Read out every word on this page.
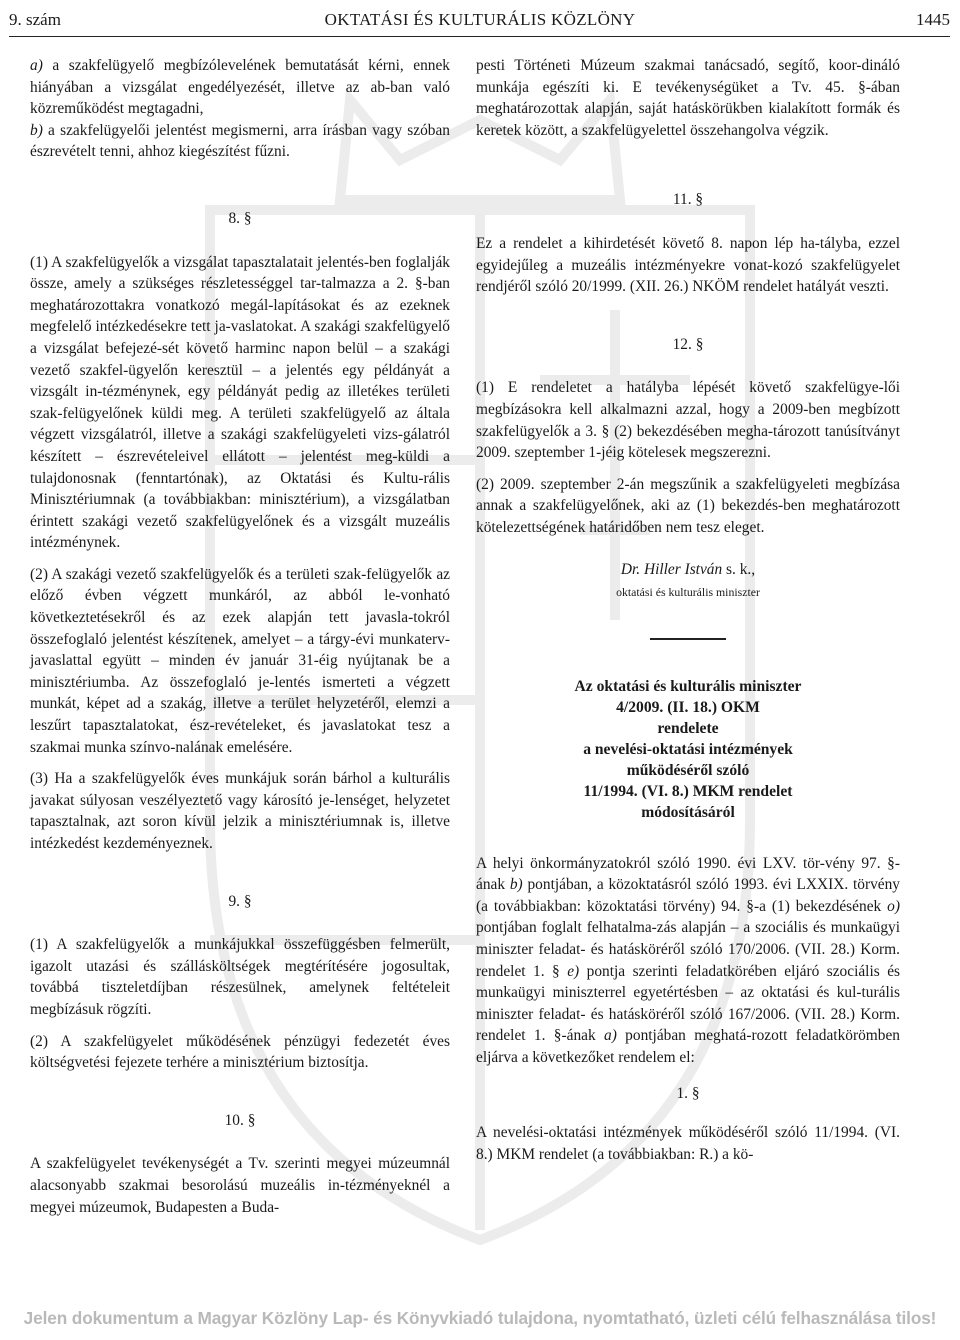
9. szám	OKTATÁSI ÉS KULTURÁLIS KÖZLÖNY	1445

a) a szakfelügyelő megbízólevelének bemutatását kérni, ennek hiányában a vizsgálat engedélyezését, illetve az ab-ban való közreműködést megtagadni,

b) a szakfelügyelői jelentést megismerni, arra írásban vagy szóban észrevételt tenni, ahhoz kiegészítést fűzni.

8. §

(1) A szakfelügyelők a vizsgálat tapasztalatait jelentés-ben foglalják össze, amely a szükséges részletességgel tar-talmazza a 2. §-ban meghatározottakra vonatkozó megál-lapításokat és az ezeknek megfelelő intézkedésekre tett ja-vaslatokat. A szakági szakfelügyelő a vizsgálat befejezé-sét követő harminc napon belül – a szakági vezető szakfel-ügyelőn keresztül – a jelentés egy példányát a vizsgált in-tézménynek, egy példányát pedig az illetékes területi szak-felügyelőnek küldi meg. A területi szakfelügyelő az általa végzett vizsgálatról, illetve a szakági szakfelügyeleti vizs-gálatról készített – észrevételeivel ellátott – jelentést meg-küldi a tulajdonosnak (fenntartónak), az Oktatási és Kultu-rális Minisztériumnak (a továbbiakban: minisztérium), a vizsgálatban érintett szakági vezető szakfelügyelőnek és a vizsgált muzeális intézménynek.

(2) A szakági vezető szakfelügyelők és a területi szak-felügyelők az előző évben végzett munkáról, az abból le-vonható következtetésekről és az ezek alapján tett javasla-tokról összefoglaló jelentést készítenek, amelyet – a tárgy-évi munkaterv-javaslattal együtt – minden év január 31-éig nyújtanak be a minisztériumba. Az összefoglaló je-lentés ismerteti a végzett munkát, képet ad a szakág, illetve a terület helyzetéről, elemzi a leszűrt tapasztalatokat, ész-revételeket, és javaslatokat tesz a szakmai munka színvo-nalának emelésére.

(3) Ha a szakfelügyelők éves munkájuk során bárhol a kulturális javakat súlyosan veszélyeztető vagy károsító je-lenséget, helyzetet tapasztalnak, azt soron kívül jelzik a minisztériumnak is, illetve intézkedést kezdeményeznek.

9. §

(1) A szakfelügyelők a munkájukkal összefüggésben felmerült, igazolt utazási és szállásköltségek megtérítésére jogosultak, továbbá tiszteletdíjban részesülnek, amelynek feltételeit megbízásuk rögzíti.

(2) A szakfelügyelet működésének pénzügyi fedezetét éves költségvetési fejezete terhére a minisztérium biztosítja.

10. §

A szakfelügyelet tevékenységét a Tv. szerinti megyei múzeumnál alacsonyabb szakmai besorolású muzeális in-tézményeknél a megyei múzeumok, Budapesten a Buda-

pesti Történeti Múzeum szakmai tanácsadó, segítő, koor-dináló munkája egészíti ki. E tevékenységüket a Tv. 45. §-ában meghatározottak alapján, saját hatáskörükben kialakított formák és keretek között, a szakfelügyelettel összehangolva végzik.

11. §

Ez a rendelet a kihirdetését követő 8. napon lép ha-tályba, ezzel egyidejűleg a muzeális intézményekre vonat-kozó szakfelügyelet rendjéről szóló 20/1999. (XII. 26.) NKÖM rendelet hatályát veszti.

12. §

(1) E rendeletet a hatályba lépését követő szakfelügye-lői megbízásokra kell alkalmazni azzal, hogy a 2009-ben megbízott szakfelügyelők a 3. § (2) bekezdésében megha-tározott tanúsítványt 2009. szeptember 1-jéig kötelesek megszerezni.

(2) 2009. szeptember 2-án megszűnik a szakfelügyeleti megbízása annak a szakfelügyelőnek, aki az (1) bekezdés-ben meghatározott kötelezettségének határidőben nem tesz eleget.

Dr. Hiller István s. k.,
oktatási és kulturális miniszter
Az oktatási és kulturális miniszter
4/2009. (II. 18.) OKM
rendelete
a nevelési-oktatási intézmények
működéséről szóló
11/1994. (VI. 8.) MKM rendelet
módosításáról

A helyi önkormányzatokról szóló 1990. évi LXV. tör-vény 97. §-ának b) pontjában, a közoktatásról szóló 1993. évi LXXIX. törvény (a továbbiakban: közoktatási törvény) 94. §-a (1) bekezdésének o) pontjában foglalt felhatalma-zás alapján – a szociális és munkaügyi miniszter feladat- és hatásköréről szóló 170/2006. (VII. 28.) Korm. rendelet 1. § e) pontja szerinti feladatkörében eljáró szociális és munkaügyi miniszterrel egyetértésben – az oktatási és kul-turális miniszter feladat- és hatásköréről szóló 167/2006. (VII. 28.) Korm. rendelet 1. §-ának a) pontjában meghatá-rozott feladatkörömben eljárva a következőket rendelem el:

1. §

A nevelési-oktatási intézmények működéséről szóló 11/1994. (VI. 8.) MKM rendelet (a továbbiakban: R.) a kö-

Jelen dokumentum a Magyar Közlöny Lap- és Könyvkiadó tulajdona, nyomtatható, üzleti célú felhasználása tilos!
